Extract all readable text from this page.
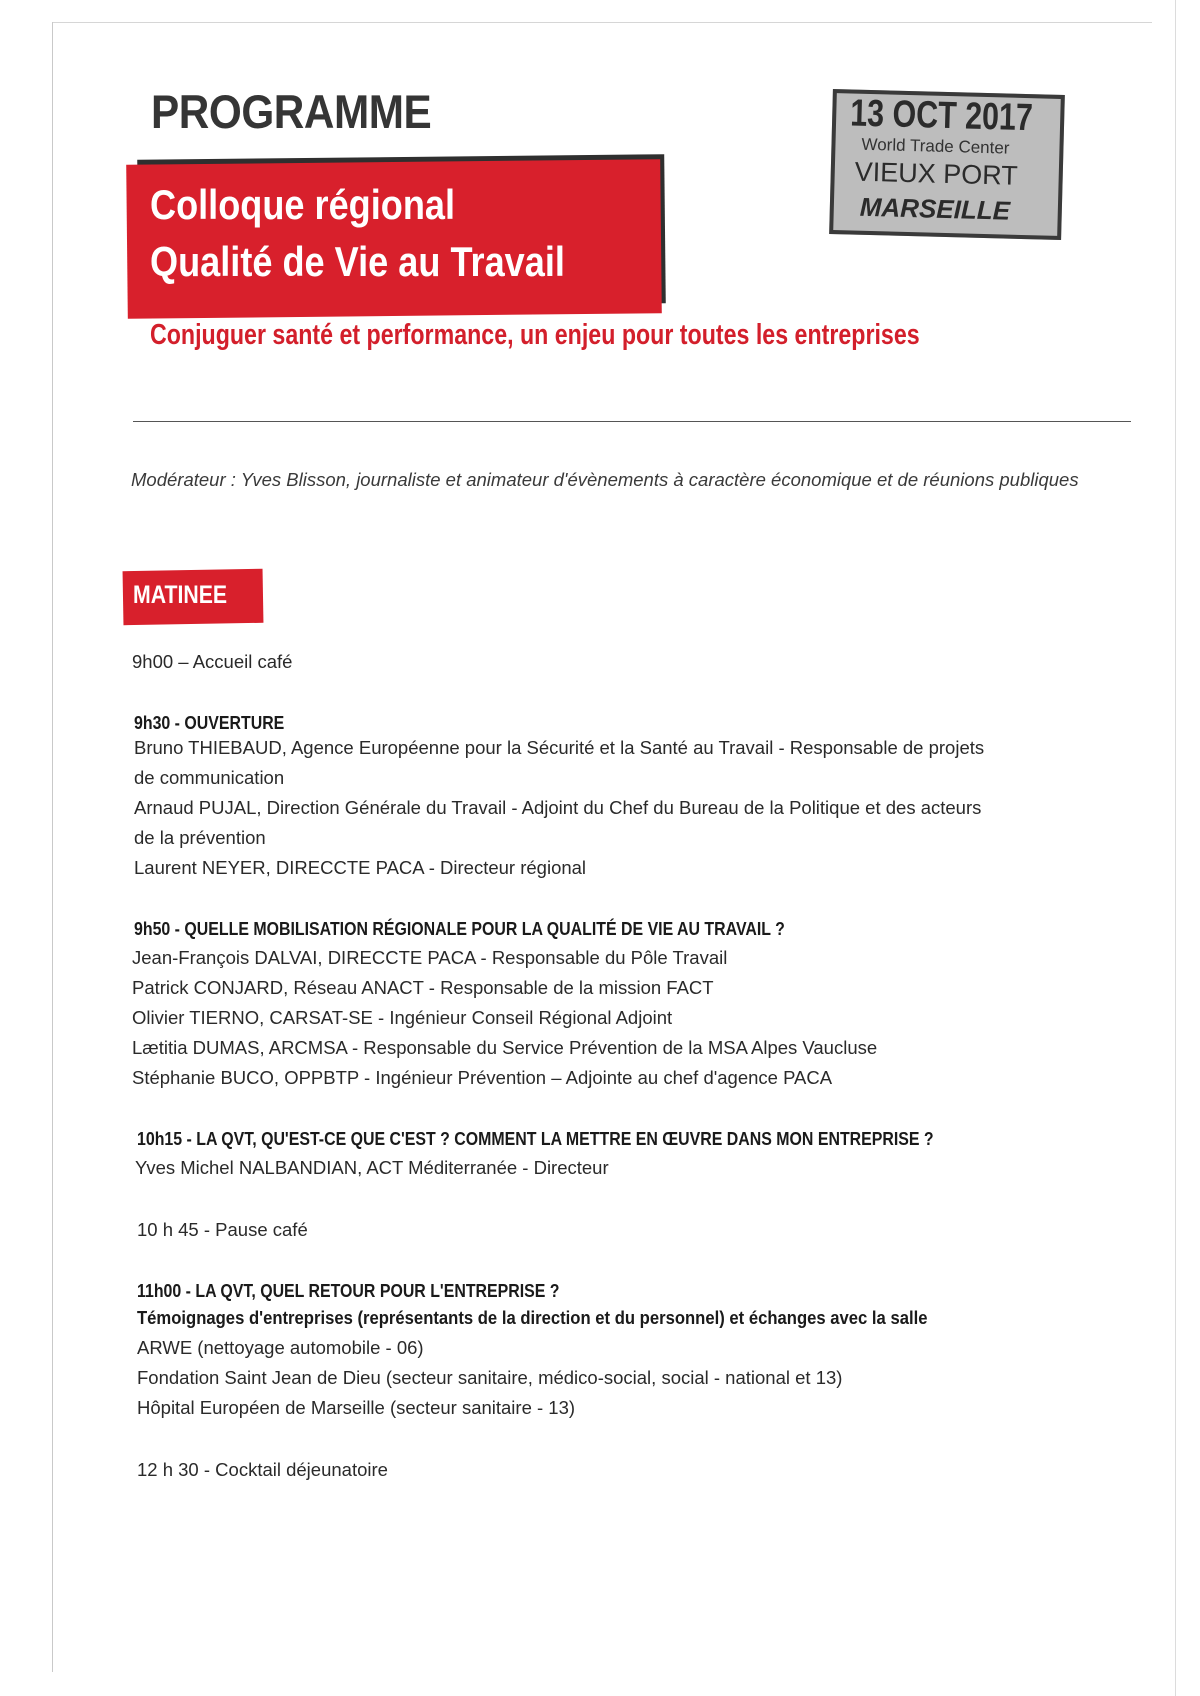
PROGRAMME

Colloque régional

Qualité de Vie au Travail

13 OCT 2017

World Trade Center
VIEUX PORT
MARSEILLE

Conjuguer santé et performance, un enjeu pour toutes les entreprises

Modérateur : Yves Blisson, journaliste et animateur d'évènements à caractère économique et de réunions publiques

MATINEE

9h00 – Accueil café

9h30 - OUVERTURE

Bruno THIEBAUD, Agence Européenne pour la Sécurité et la Santé au Travail - Responsable de projets

de communication

Arnaud PUJAL, Direction Générale du Travail - Adjoint du Chef du Bureau de la Politique et des acteurs

de la prévention

Laurent NEYER, DIRECCTE PACA - Directeur régional

9h50 - QUELLE MOBILISATION RÉGIONALE POUR LA QUALITÉ DE VIE AU TRAVAIL ?

Jean-François DALVAI, DIRECCTE PACA - Responsable du Pôle Travail

Patrick CONJARD, Réseau ANACT - Responsable de la mission FACT

Olivier TIERNO, CARSAT-SE - Ingénieur Conseil Régional Adjoint

Lætitia DUMAS, ARCMSA - Responsable du Service Prévention de la MSA Alpes Vaucluse

Stéphanie BUCO, OPPBTP - Ingénieur Prévention – Adjointe au chef d'agence PACA

10h15 - LA QVT, QU'EST-CE QUE C'EST ? COMMENT LA METTRE EN ŒUVRE DANS MON ENTREPRISE ?

Yves Michel NALBANDIAN, ACT Méditerranée - Directeur

10 h 45 - Pause café

11h00 - LA QVT, QUEL RETOUR POUR L'ENTREPRISE ?

Témoignages d'entreprises (représentants de la direction et du personnel) et échanges avec la salle

ARWE (nettoyage automobile - 06)

Fondation Saint Jean de Dieu (secteur sanitaire, médico-social, social - national et 13)

Hôpital Européen de Marseille (secteur sanitaire - 13)

12 h 30 - Cocktail déjeunatoire
